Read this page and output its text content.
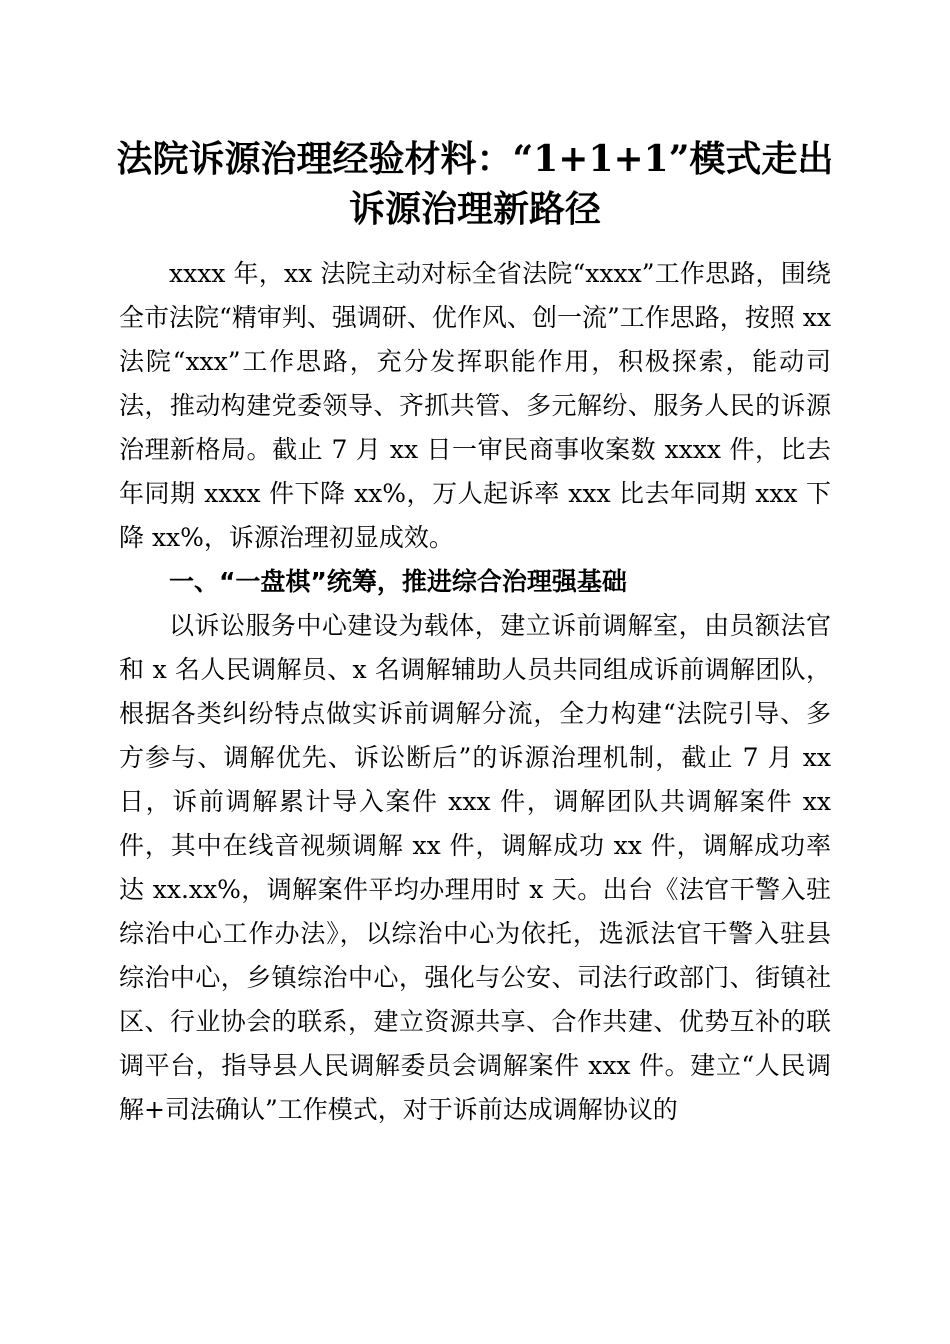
法院诉源治理经验材料：“1+1+1”模式走出
诉源治理新路径

xxxx 年，xx 法院主动对标全省法院“xxxx”工作思路，围绕全市法院“精审判、强调研、优作风、创一流”工作思路，按照 xx 法院“xxx”工作思路，充分发挥职能作用，积极探索，能动司法，推动构建党委领导、齐抓共管、多元解纷、服务人民的诉源治理新格局。截止 7 月 xx 日一审民商事收案数 xxxx 件，比去年同期 xxxx 件下降 xx%，万人起诉率 xxx 比去年同期 xxx 下降 xx%，诉源治理初显成效。

一、“一盘棋”统筹，推进综合治理强基础

以诉讼服务中心建设为载体，建立诉前调解室，由员额法官和 x 名人民调解员、x 名调解辅助人员共同组成诉前调解团队，根据各类纠纷特点做实诉前调解分流，全力构建“法院引导、多方参与、调解优先、诉讼断后”的诉源治理机制，截止 7 月 xx 日，诉前调解累计导入案件 xxx 件，调解团队共调解案件 xx 件，其中在线音视频调解 xx 件，调解成功 xx 件，调解成功率达 xx.xx%，调解案件平均办理用时 x 天。出台《法官干警入驻综治中心工作办法》，以综治中心为依托，选派法官干警入驻县综治中心，乡镇综治中心，强化与公安、司法行政部门、街镇社区、行业协会的联系，建立资源共享、合作共建、优势互补的联调平台，指导县人民调解委员会调解案件 xxx 件。建立“人民调解+司法确认”工作模式，对于诉前达成调解协议的
